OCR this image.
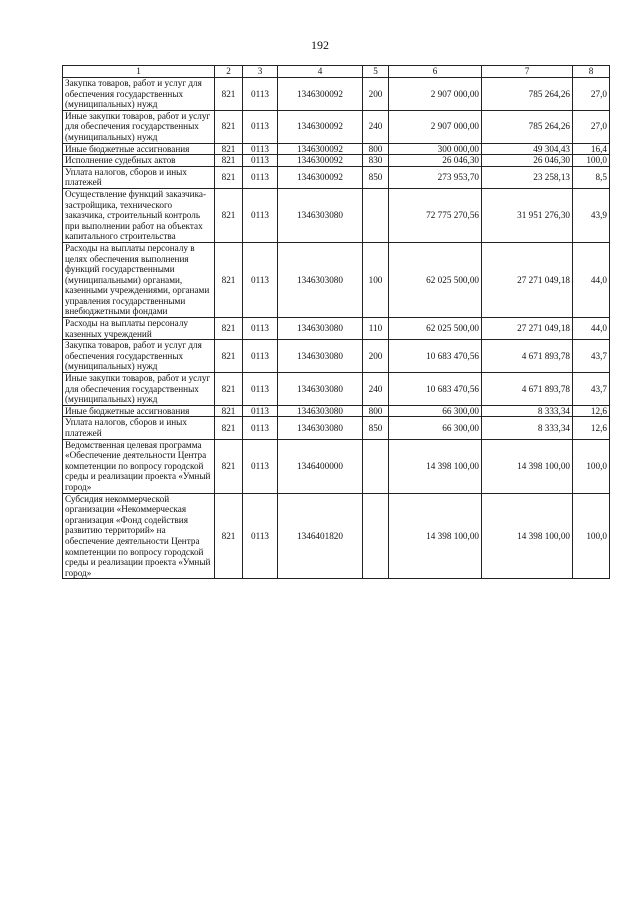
192
1	2	3	4	5	6	7	8
Закупка товаров, работ и услуг для обеспечения государственных (муниципальных) нужд	821	0113	1346300092	200	2 907 000,00	785 264,26	27,0
Иные закупки товаров, работ и услуг для обеспечения государственных (муниципальных) нужд	821	0113	1346300092	240	2 907 000,00	785 264,26	27,0
Иные бюджетные ассигнования	821	0113	1346300092	800	300 000,00	49 304,43	16,4
Исполнение судебных актов	821	0113	1346300092	830	26 046,30	26 046,30	100,0
Уплата налогов, сборов и иных платежей	821	0113	1346300092	850	273 953,70	23 258,13	8,5
Осуществление функций заказчика-застройщика, технического заказчика, строительный контроль при выполнении работ на объектах капитального строительства	821	0113	1346303080		72 775 270,56	31 951 276,30	43,9
Расходы на выплаты персоналу в целях обеспечения выполнения функций государственными (муниципальными) органами, казенными учреждениями, органами управления государственными внебюджетными фондами	821	0113	1346303080	100	62 025 500,00	27 271 049,18	44,0
Расходы на выплаты персоналу казенных учреждений	821	0113	1346303080	110	62 025 500,00	27 271 049,18	44,0
Закупка товаров, работ и услуг для обеспечения государственных (муниципальных) нужд	821	0113	1346303080	200	10 683 470,56	4 671 893,78	43,7
Иные закупки товаров, работ и услуг для обеспечения государственных (муниципальных) нужд	821	0113	1346303080	240	10 683 470,56	4 671 893,78	43,7
Иные бюджетные ассигнования	821	0113	1346303080	800	66 300,00	8 333,34	12,6
Уплата налогов, сборов и иных платежей	821	0113	1346303080	850	66 300,00	8 333,34	12,6
Ведомственная целевая программа «Обеспечение деятельности Центра компетенции по вопросу городской среды и реализации проекта «Умный город»	821	0113	1346400000		14 398 100,00	14 398 100,00	100,0
Субсидия некоммерческой организации «Некоммерческая организация «Фонд содействия развитию территорий» на обеспечение деятельности Центра компетенции по вопросу городской среды и реализации проекта «Умный город»	821	0113	1346401820		14 398 100,00	14 398 100,00	100,0
